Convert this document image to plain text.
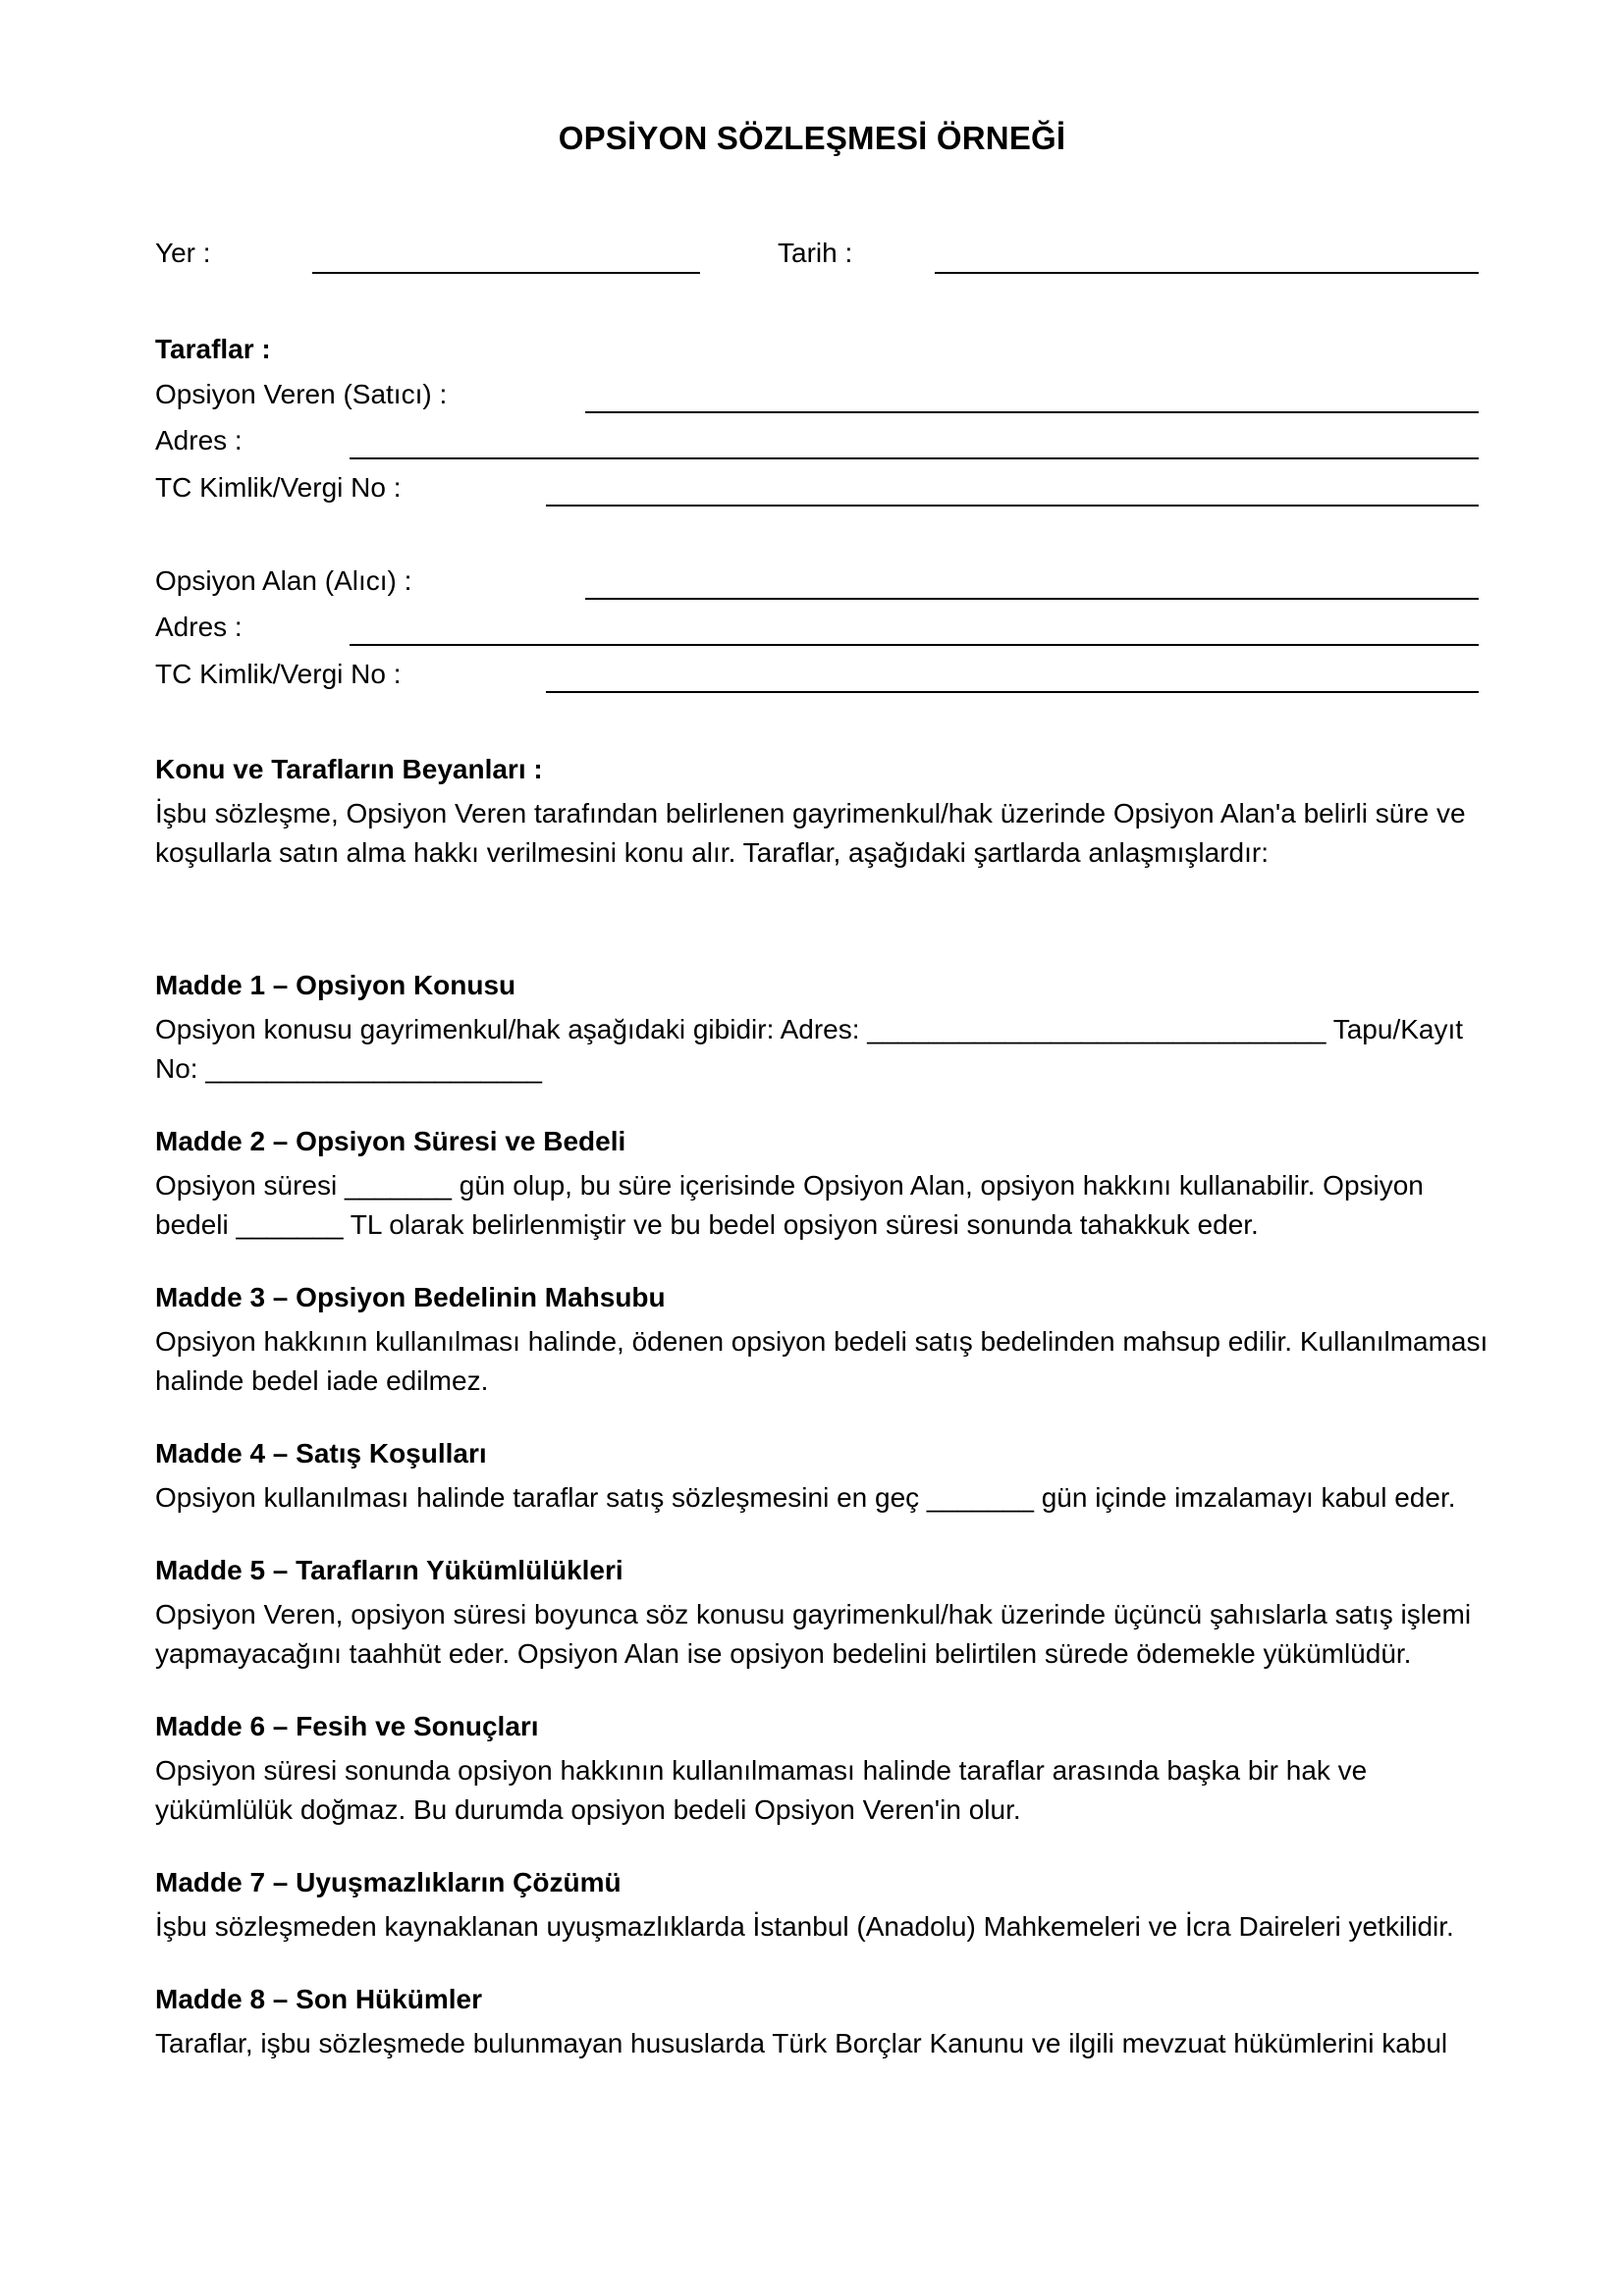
OPSİYON SÖZLEŞMESİ ÖRNEĞİ
Yer :	Tarih :
Taraflar :
Opsiyon Veren (Satıcı) :
Adres :
TC Kimlik/Vergi No :
Opsiyon Alan (Alıcı) :
Adres :
TC Kimlik/Vergi No :

Konu ve Tarafların Beyanları :

İşbu sözleşme, Opsiyon Veren tarafından belirlenen gayrimenkul/hak üzerinde Opsiyon Alan'a belirli süre ve koşullarla satın alma hakkı verilmesini konu alır. Taraflar, aşağıdaki şartlarda anlaşmışlardır:

Madde 1 – Opsiyon Konusu

Opsiyon konusu gayrimenkul/hak aşağıdaki gibidir: Adres: ______________________________ Tapu/Kayıt No: ______________________

Madde 2 – Opsiyon Süresi ve Bedeli

Opsiyon süresi _______ gün olup, bu süre içerisinde Opsiyon Alan, opsiyon hakkını kullanabilir. Opsiyon bedeli _______ TL olarak belirlenmiştir ve bu bedel opsiyon süresi sonunda tahakkuk eder.

Madde 3 – Opsiyon Bedelinin Mahsubu

Opsiyon hakkının kullanılması halinde, ödenen opsiyon bedeli satış bedelinden mahsup edilir. Kullanılmaması halinde bedel iade edilmez.

Madde 4 – Satış Koşulları

Opsiyon kullanılması halinde taraflar satış sözleşmesini en geç _______ gün içinde imzalamayı kabul eder.

Madde 5 – Tarafların Yükümlülükleri

Opsiyon Veren, opsiyon süresi boyunca söz konusu gayrimenkul/hak üzerinde üçüncü şahıslarla satış işlemi yapmayacağını taahhüt eder. Opsiyon Alan ise opsiyon bedelini belirtilen sürede ödemekle yükümlüdür.

Madde 6 – Fesih ve Sonuçları

Opsiyon süresi sonunda opsiyon hakkının kullanılmaması halinde taraflar arasında başka bir hak ve yükümlülük doğmaz. Bu durumda opsiyon bedeli Opsiyon Veren'in olur.

Madde 7 – Uyuşmazlıkların Çözümü

İşbu sözleşmeden kaynaklanan uyuşmazlıklarda İstanbul (Anadolu) Mahkemeleri ve İcra Daireleri yetkilidir.

Madde 8 – Son Hükümler

Taraflar, işbu sözleşmede bulunmayan hususlarda Türk Borçlar Kanunu ve ilgili mevzuat hükümlerini kabul
